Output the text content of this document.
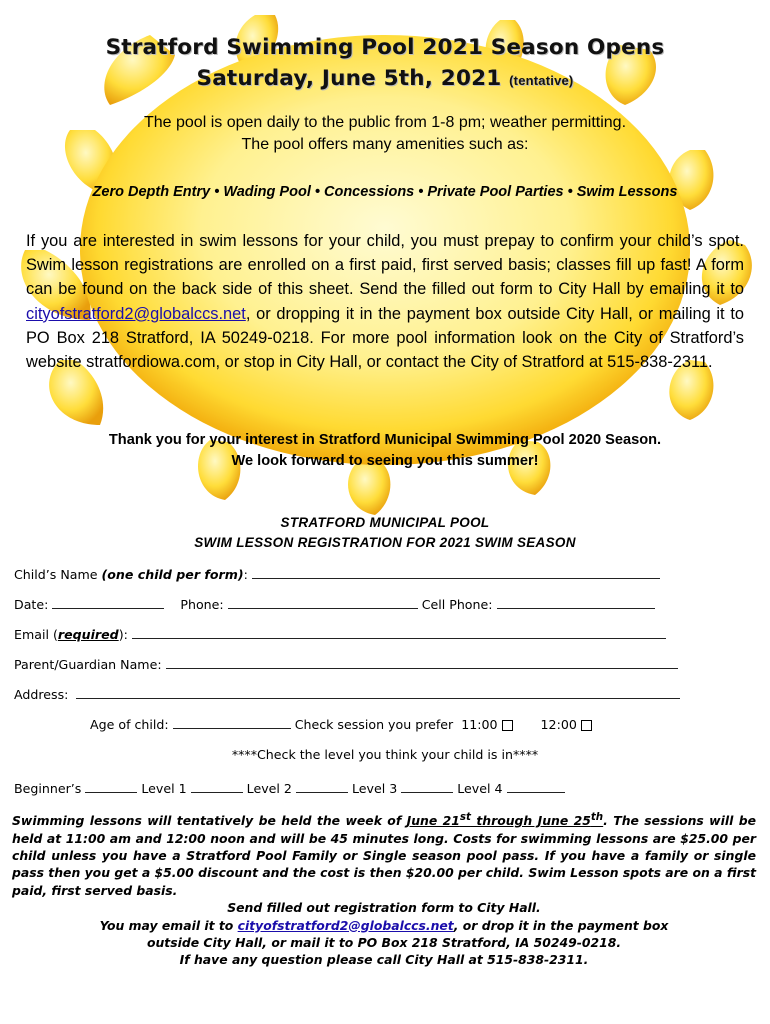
Stratford Swimming Pool 2021 Season Opens
Saturday, June 5th, 2021 (tentative)
The pool is open daily to the public from 1-8 pm; weather permitting.
The pool offers many amenities such as:
Zero Depth Entry • Wading Pool • Concessions • Private Pool Parties • Swim Lessons
If you are interested in swim lessons for your child, you must prepay to confirm your child’s spot. Swim lesson registrations are enrolled on a first paid, first served basis; classes fill up fast! A form can be found on the back side of this sheet. Send the filled out form to City Hall by emailing it to cityofstratford2@globalccs.net, or dropping it in the payment box outside City Hall, or mailing it to PO Box 218 Stratford, IA 50249-0218. For more pool information look on the City of Stratford’s website stratfordiowa.com, or stop in City Hall, or contact the City of Stratford at 515-838-2311.
Thank you for your interest in Stratford Municipal Swimming Pool 2020 Season.
We look forward to seeing you this summer!
STRATFORD MUNICIPAL POOL
SWIM LESSON REGISTRATION FOR 2021 SWIM SEASON
Child’s Name (one child per form):
Date:	Phone:	Cell Phone:
Email (required):
Parent/Guardian Name:
Address:
Age of child:	Check session you prefer 11:00	12:00
****Check the level you think your child is in****
Beginner’s	Level 1	Level 2	Level 3	Level 4
Swimming lessons will tentatively be held the week of June 21st through June 25th. The sessions will be held at 11:00 am and 12:00 noon and will be 45 minutes long. Costs for swimming lessons are $25.00 per child unless you have a Stratford Pool Family or Single season pool pass. If you have a family or single pass then you get a $5.00 discount and the cost is then $20.00 per child. Swim Lesson spots are on a first paid, first served basis.
Send filled out registration form to City Hall.
You may email it to cityofstratford2@globalccs.net, or drop it in the payment box
outside City Hall, or mail it to PO Box 218 Stratford, IA 50249-0218.
If have any question please call City Hall at 515-838-2311.
